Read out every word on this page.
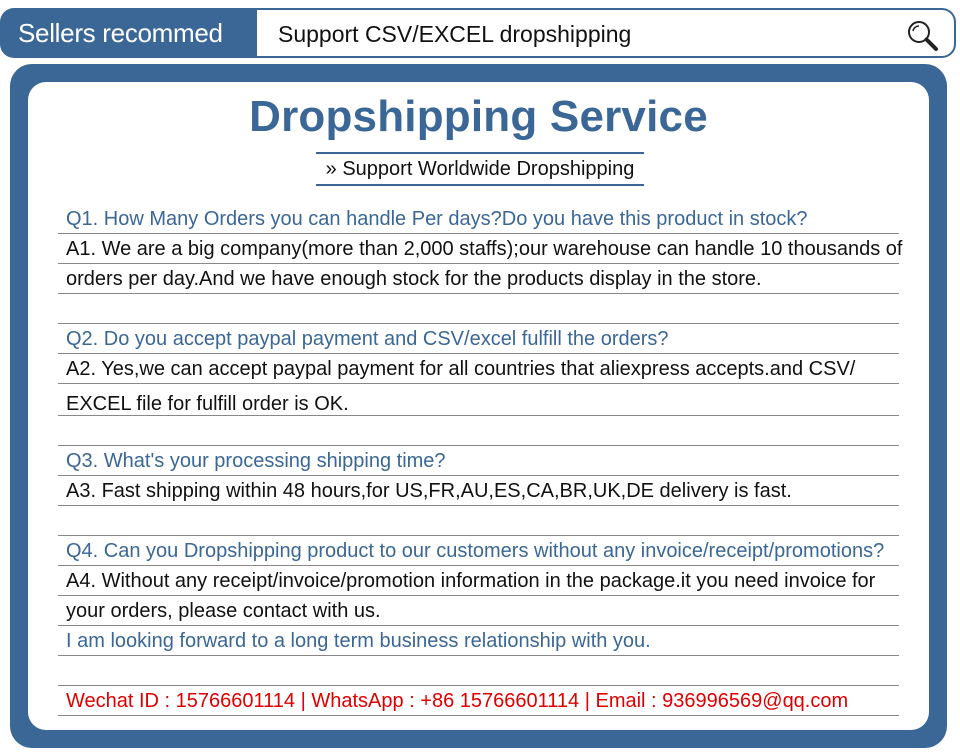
Sellers recommed	Support CSV/EXCEL dropshipping
Dropshipping Service
» Support Worldwide Dropshipping
Q1. How Many Orders you can handle Per days?Do you have this product in stock?
A1. We are a big company(more than 2,000 staffs);our warehouse can handle 10 thousands of
orders per day.And we have enough stock for the products display in the store.
Q2. Do you accept paypal payment and CSV/excel fulfill the orders?
A2. Yes,we can accept paypal payment for all countries that aliexpress accepts.and CSV/
EXCEL file for fulfill order is OK.
Q3. What's your processing shipping time?
A3. Fast shipping within 48 hours,for US,FR,AU,ES,CA,BR,UK,DE delivery is fast.
Q4. Can you Dropshipping product to our customers without any invoice/receipt/promotions?
A4. Without any receipt/invoice/promotion information in the package.it you need invoice for
your orders, please contact with us.
I am looking forward to a long term business relationship with you.
Wechat ID : 15766601114 | WhatsApp : +86 15766601114 | Email : 936996569@qq.com
